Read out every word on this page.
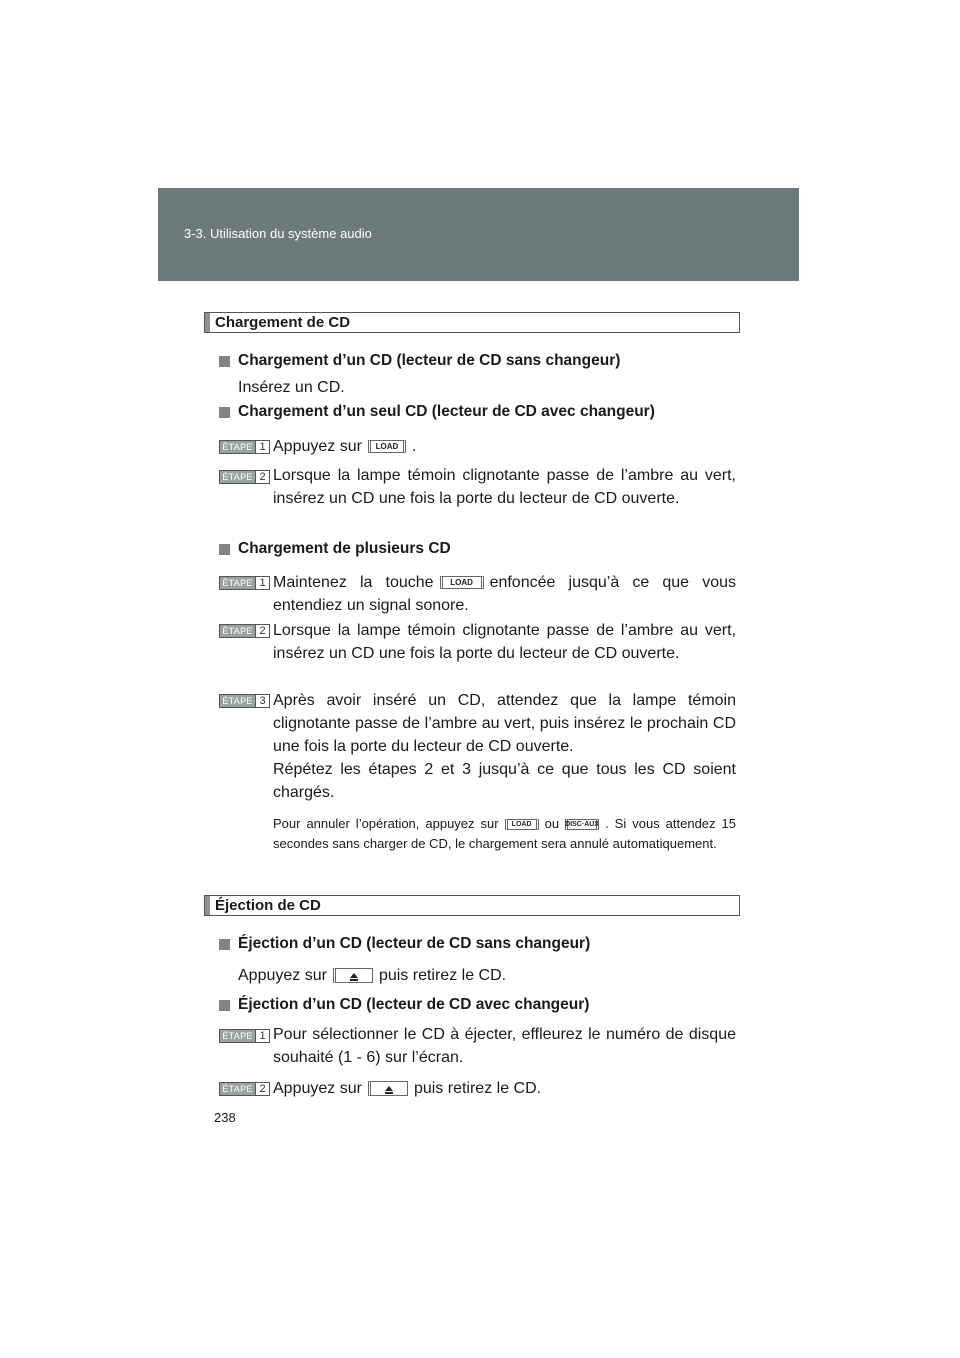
3-3. Utilisation du système audio
Chargement de CD
Chargement d’un CD (lecteur de CD sans changeur)
Insérez un CD.
Chargement d’un seul CD (lecteur de CD avec changeur)
ÉTAPE 1 Appuyez sur LOAD .
ÉTAPE 2 Lorsque la lampe témoin clignotante passe de l’ambre au vert, insérez un CD une fois la porte du lecteur de CD ouverte.
Chargement de plusieurs CD
ÉTAPE 1 Maintenez la touche LOAD enfoncée jusqu’à ce que vous entendiez un signal sonore.
ÉTAPE 2 Lorsque la lampe témoin clignotante passe de l’ambre au vert, insérez un CD une fois la porte du lecteur de CD ouverte.
ÉTAPE 3 Après avoir inséré un CD, attendez que la lampe témoin clignotante passe de l’ambre au vert, puis insérez le prochain CD une fois la porte du lecteur de CD ouverte.
Répétez les étapes 2 et 3 jusqu’à ce que tous les CD soient chargés.
Pour annuler l’opération, appuyez sur LOAD ou DISC·AUX . Si vous attendez 15 secondes sans charger de CD, le chargement sera annulé automatiquement.
Éjection de CD
Éjection d’un CD (lecteur de CD sans changeur)
Appuyez sur	puis retirez le CD.
Éjection d’un CD (lecteur de CD avec changeur)
ÉTAPE 1 Pour sélectionner le CD à éjecter, effleurez le numéro de disque souhaité (1 - 6) sur l’écran.
ÉTAPE 2 Appuyez sur	puis retirez le CD.
238
